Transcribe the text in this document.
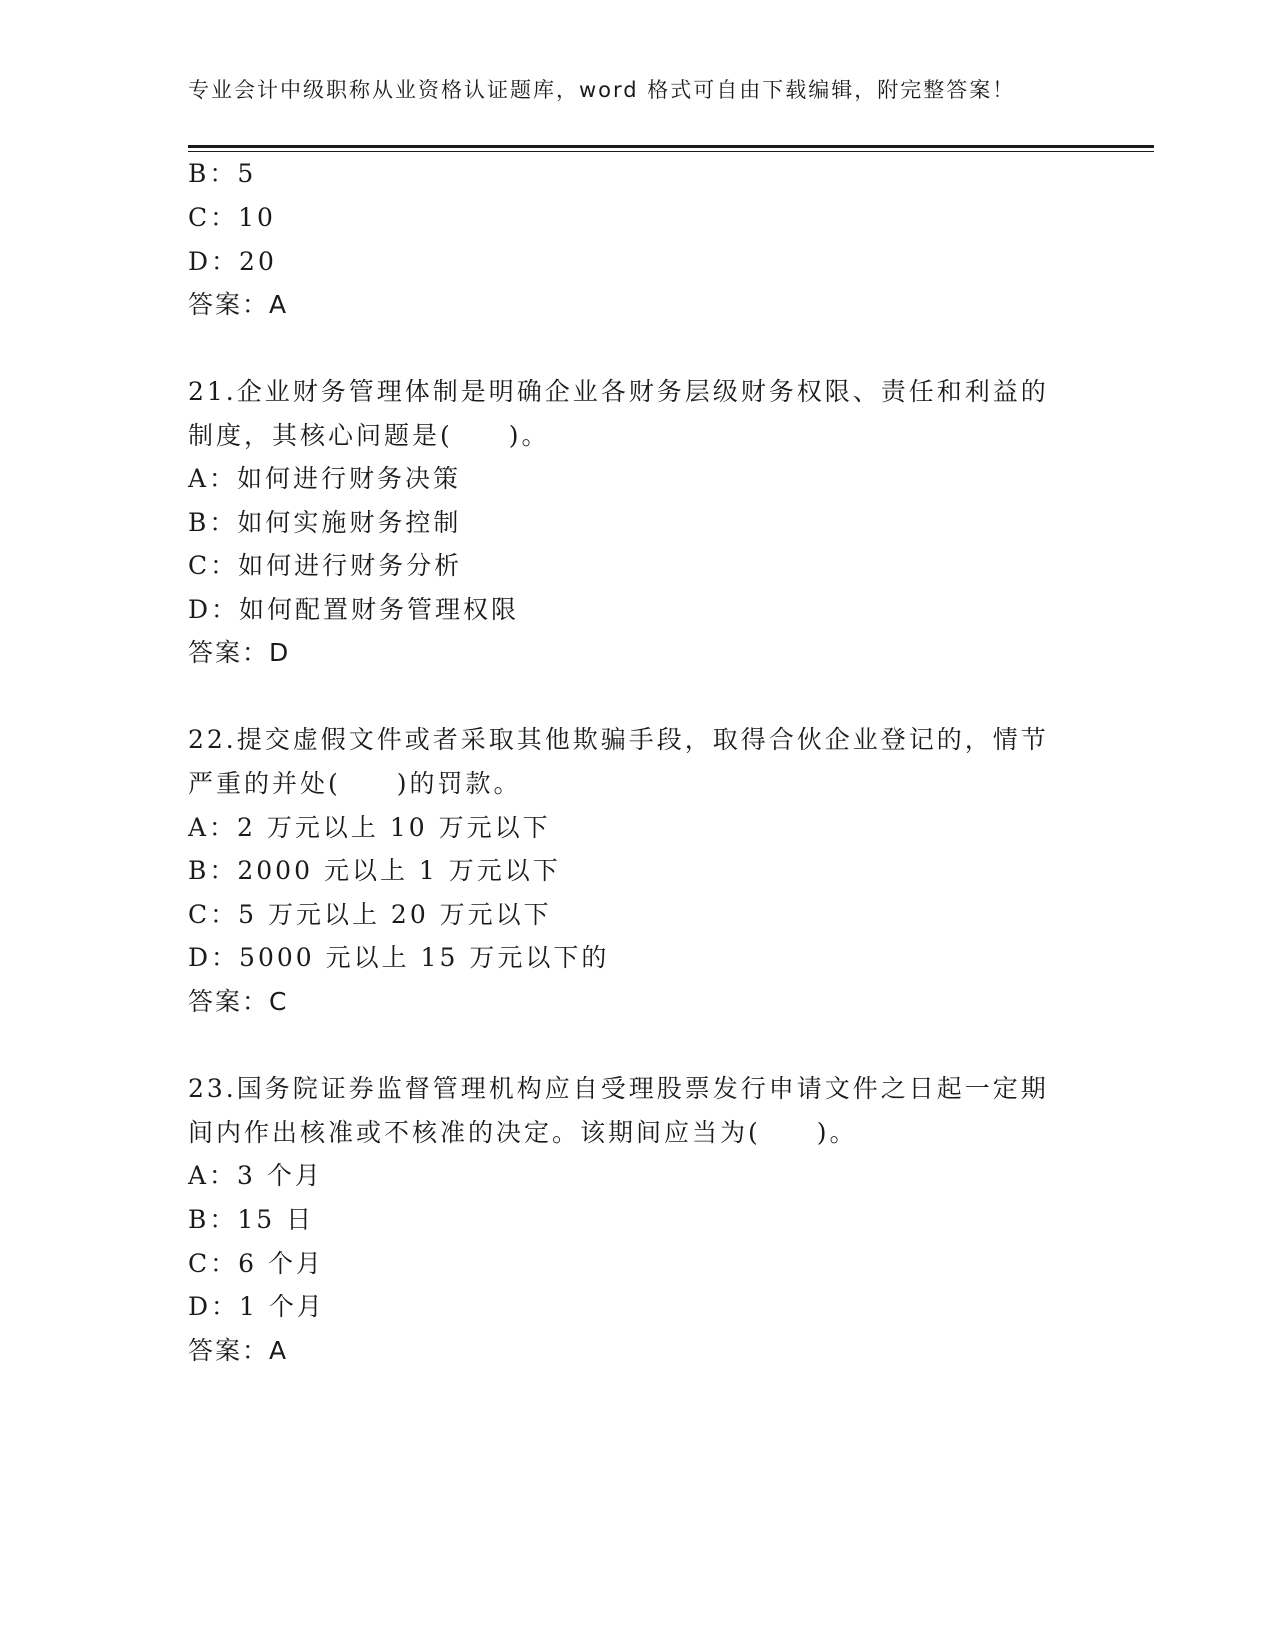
专业会计中级职称从业资格认证题库，word 格式可自由下载编辑，附完整答案！
B：5
C：10
D：20
答案：A
21.企业财务管理体制是明确企业各财务层级财务权限、责任和利益的
制度，其核心问题是(　　)。
A：如何进行财务决策
B：如何实施财务控制
C：如何进行财务分析
D：如何配置财务管理权限
答案：D
22.提交虚假文件或者采取其他欺骗手段，取得合伙企业登记的，情节
严重的并处(　　)的罚款。
A：2 万元以上 10 万元以下
B：2000 元以上 1 万元以下
C：5 万元以上 20 万元以下
D：5000 元以上 15 万元以下的
答案：C
23.国务院证券监督管理机构应自受理股票发行申请文件之日起一定期
间内作出核准或不核准的决定。该期间应当为(　　)。
A：3 个月
B：15 日
C：6 个月
D：1 个月
答案：A
